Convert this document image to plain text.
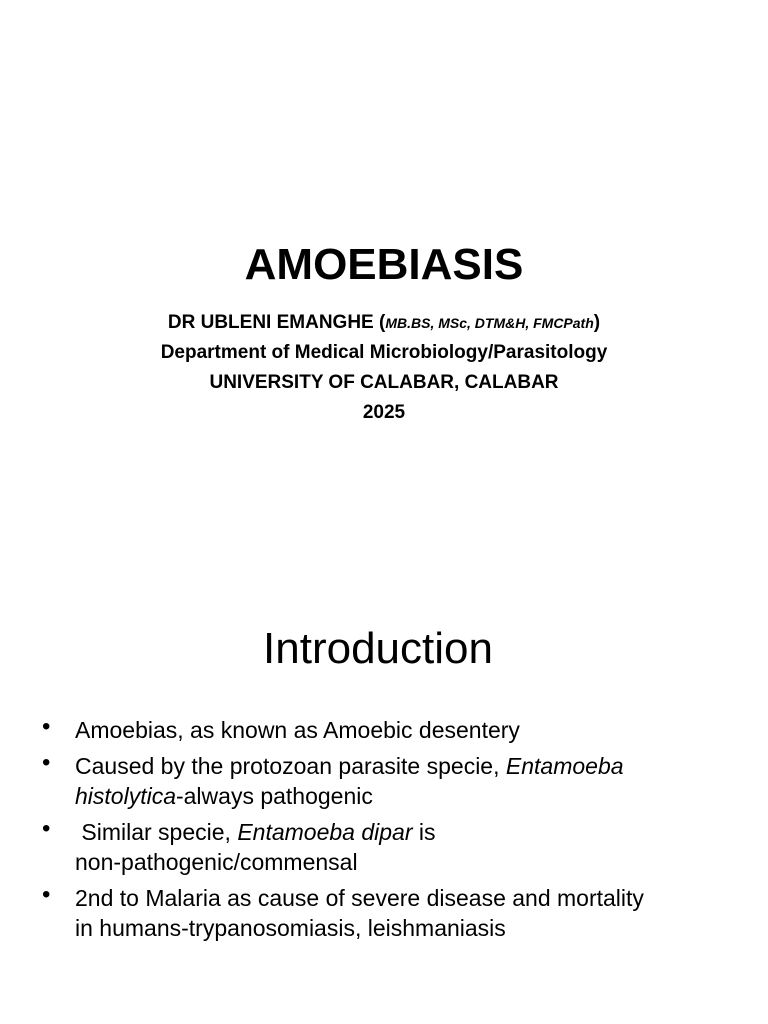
AMOEBIASIS
DR UBLENI EMANGHE (MB.BS, MSc, DTM&H, FMCPath)
Department of Medical Microbiology/Parasitology
UNIVERSITY OF CALABAR, CALABAR
2025
Introduction
• Amoebias, as known as Amoebic desentery
• Caused by the protozoan parasite specie, Entamoeba
histolytica-always pathogenic
• Similar specie, Entamoeba dipar is
non-pathogenic/commensal
• 2nd to Malaria as cause of severe disease and mortality
in humans-trypanosomiasis, leishmaniasis
